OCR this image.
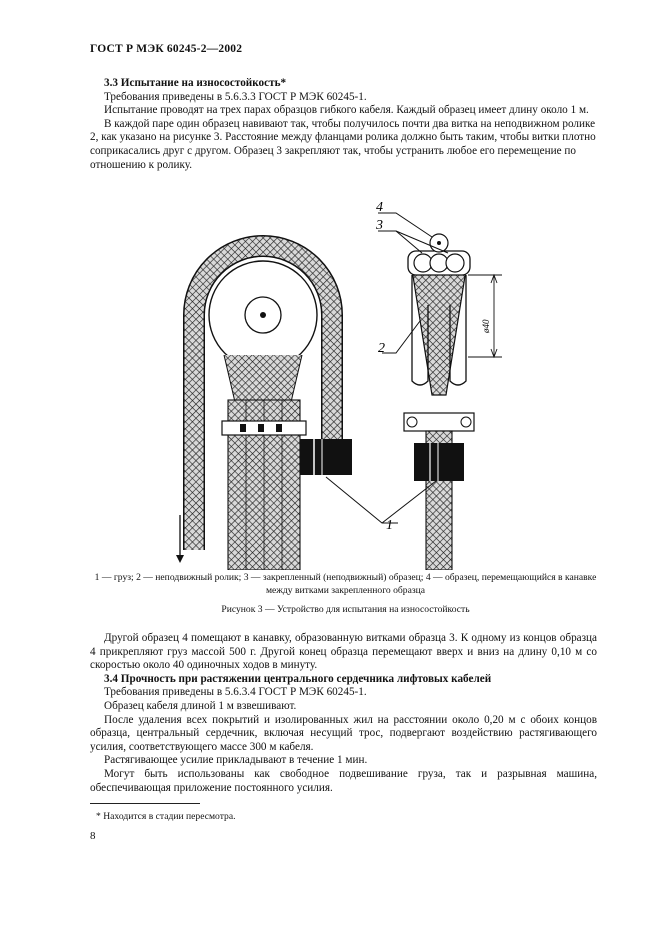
ГОСТ Р МЭК 60245-2—2002

3.3 Испытание на износостойкость*

Требования приведены в 5.6.3.3 ГОСТ Р МЭК 60245-1.

Испытание проводят на трех парах образцов гибкого кабеля. Каждый образец имеет длину около 1 м.

В каждой паре один образец навивают так, чтобы получилось почти два витка на неподвижном ролике 2, как указано на рисунке 3. Расстояние между фланцами ролика должно быть таким, чтобы витки плотно соприкасались друг с другом. Образец 3 закрепляют так, чтобы устранить любое его перемещение по отношению к ролику.

ø40
4
3
2
1
1 — груз; 2 — неподвижный ролик; 3 — закрепленный (неподвижный) образец; 4 — образец, перемещающийся в канавке между витками закрепленного образца
Рисунок 3 — Устройство для испытания на износостойкость

Другой образец 4 помещают в канавку, образованную витками образца 3. К одному из концов образца 4 прикрепляют груз массой 500 г. Другой конец образца перемещают вверх и вниз на длину 0,10 м со скоростью около 40 одиночных ходов в минуту.

3.4 Прочность при растяжении центрального сердечника лифтовых кабелей

Требования приведены в 5.6.3.4 ГОСТ Р МЭК 60245-1.

Образец кабеля длиной 1 м взвешивают.

После удаления всех покрытий и изолированных жил на расстоянии около 0,20 м с обоих концов образца, центральный сердечник, включая несущий трос, подвергают воздействию растягивающего усилия, соответствующего массе 300 м кабеля.

Растягивающее усилие прикладывают в течение 1 мин.

Могут быть использованы как свободное подвешивание груза, так и разрывная машина, обеспечивающая приложение постоянного усилия.

* Находится в стадии пересмотра.
8
